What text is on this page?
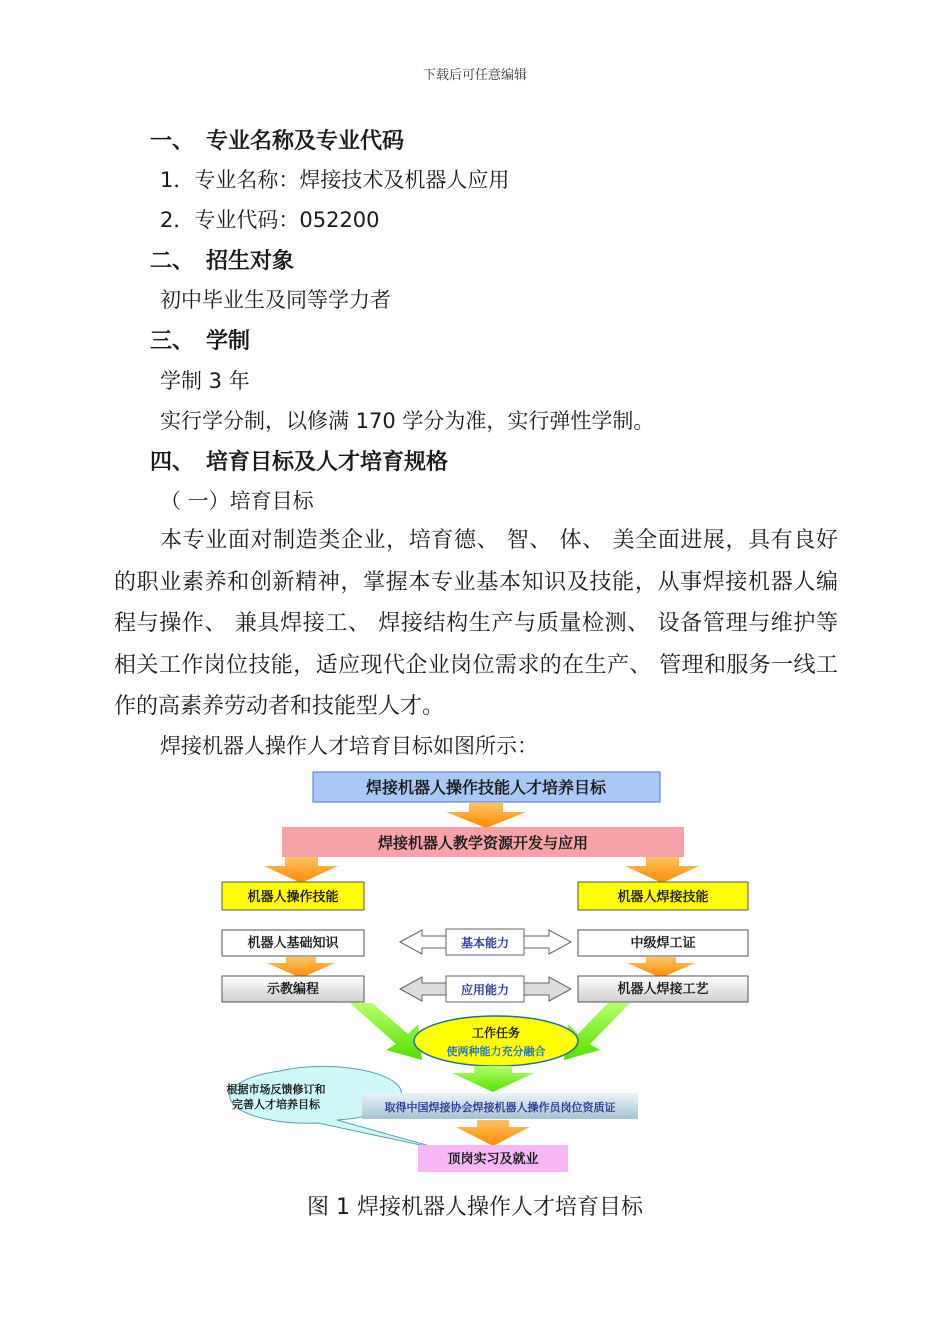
下载后可任意编辑
一、 专业名称及专业代码
1．专业名称：焊接技术及机器人应用
2．专业代码：052200
二、 招生对象
初中毕业生及同等学力者
三、 学制
学制 3 年
实行学分制，以修满 170 学分为准，实行弹性学制。
四、 培育目标及人才培育规格
（ 一）培育目标
本专业面对制造类企业，培育德、 智、 体、 美全面进展，具有良好的职业素养和创新精神，掌握本专业基本知识及技能，从事焊接机器人编程与操作、 兼具焊接工、 焊接结构生产与质量检测、 设备管理与维护等相关工作岗位技能，适应现代企业岗位需求的在生产、 管理和服务一线工作的高素养劳动者和技能型人才。
焊接机器人操作人才培育目标如图所示：
焊接机器人操作技能人才培养目标
焊接机器人教学资源开发与应用
机器人操作技能
机器人基础知识
示教编程
机器人焊接技能
中级焊工证
机器人焊接工艺
基本能力
应用能力
工作任务
使两种能力充分融合
根据市场反馈修订和
完善人才培养目标	取得中国焊接协会焊接机器人操作员岗位资质证
顶岗实习及就业
图 1 焊接机器人操作人才培育目标
